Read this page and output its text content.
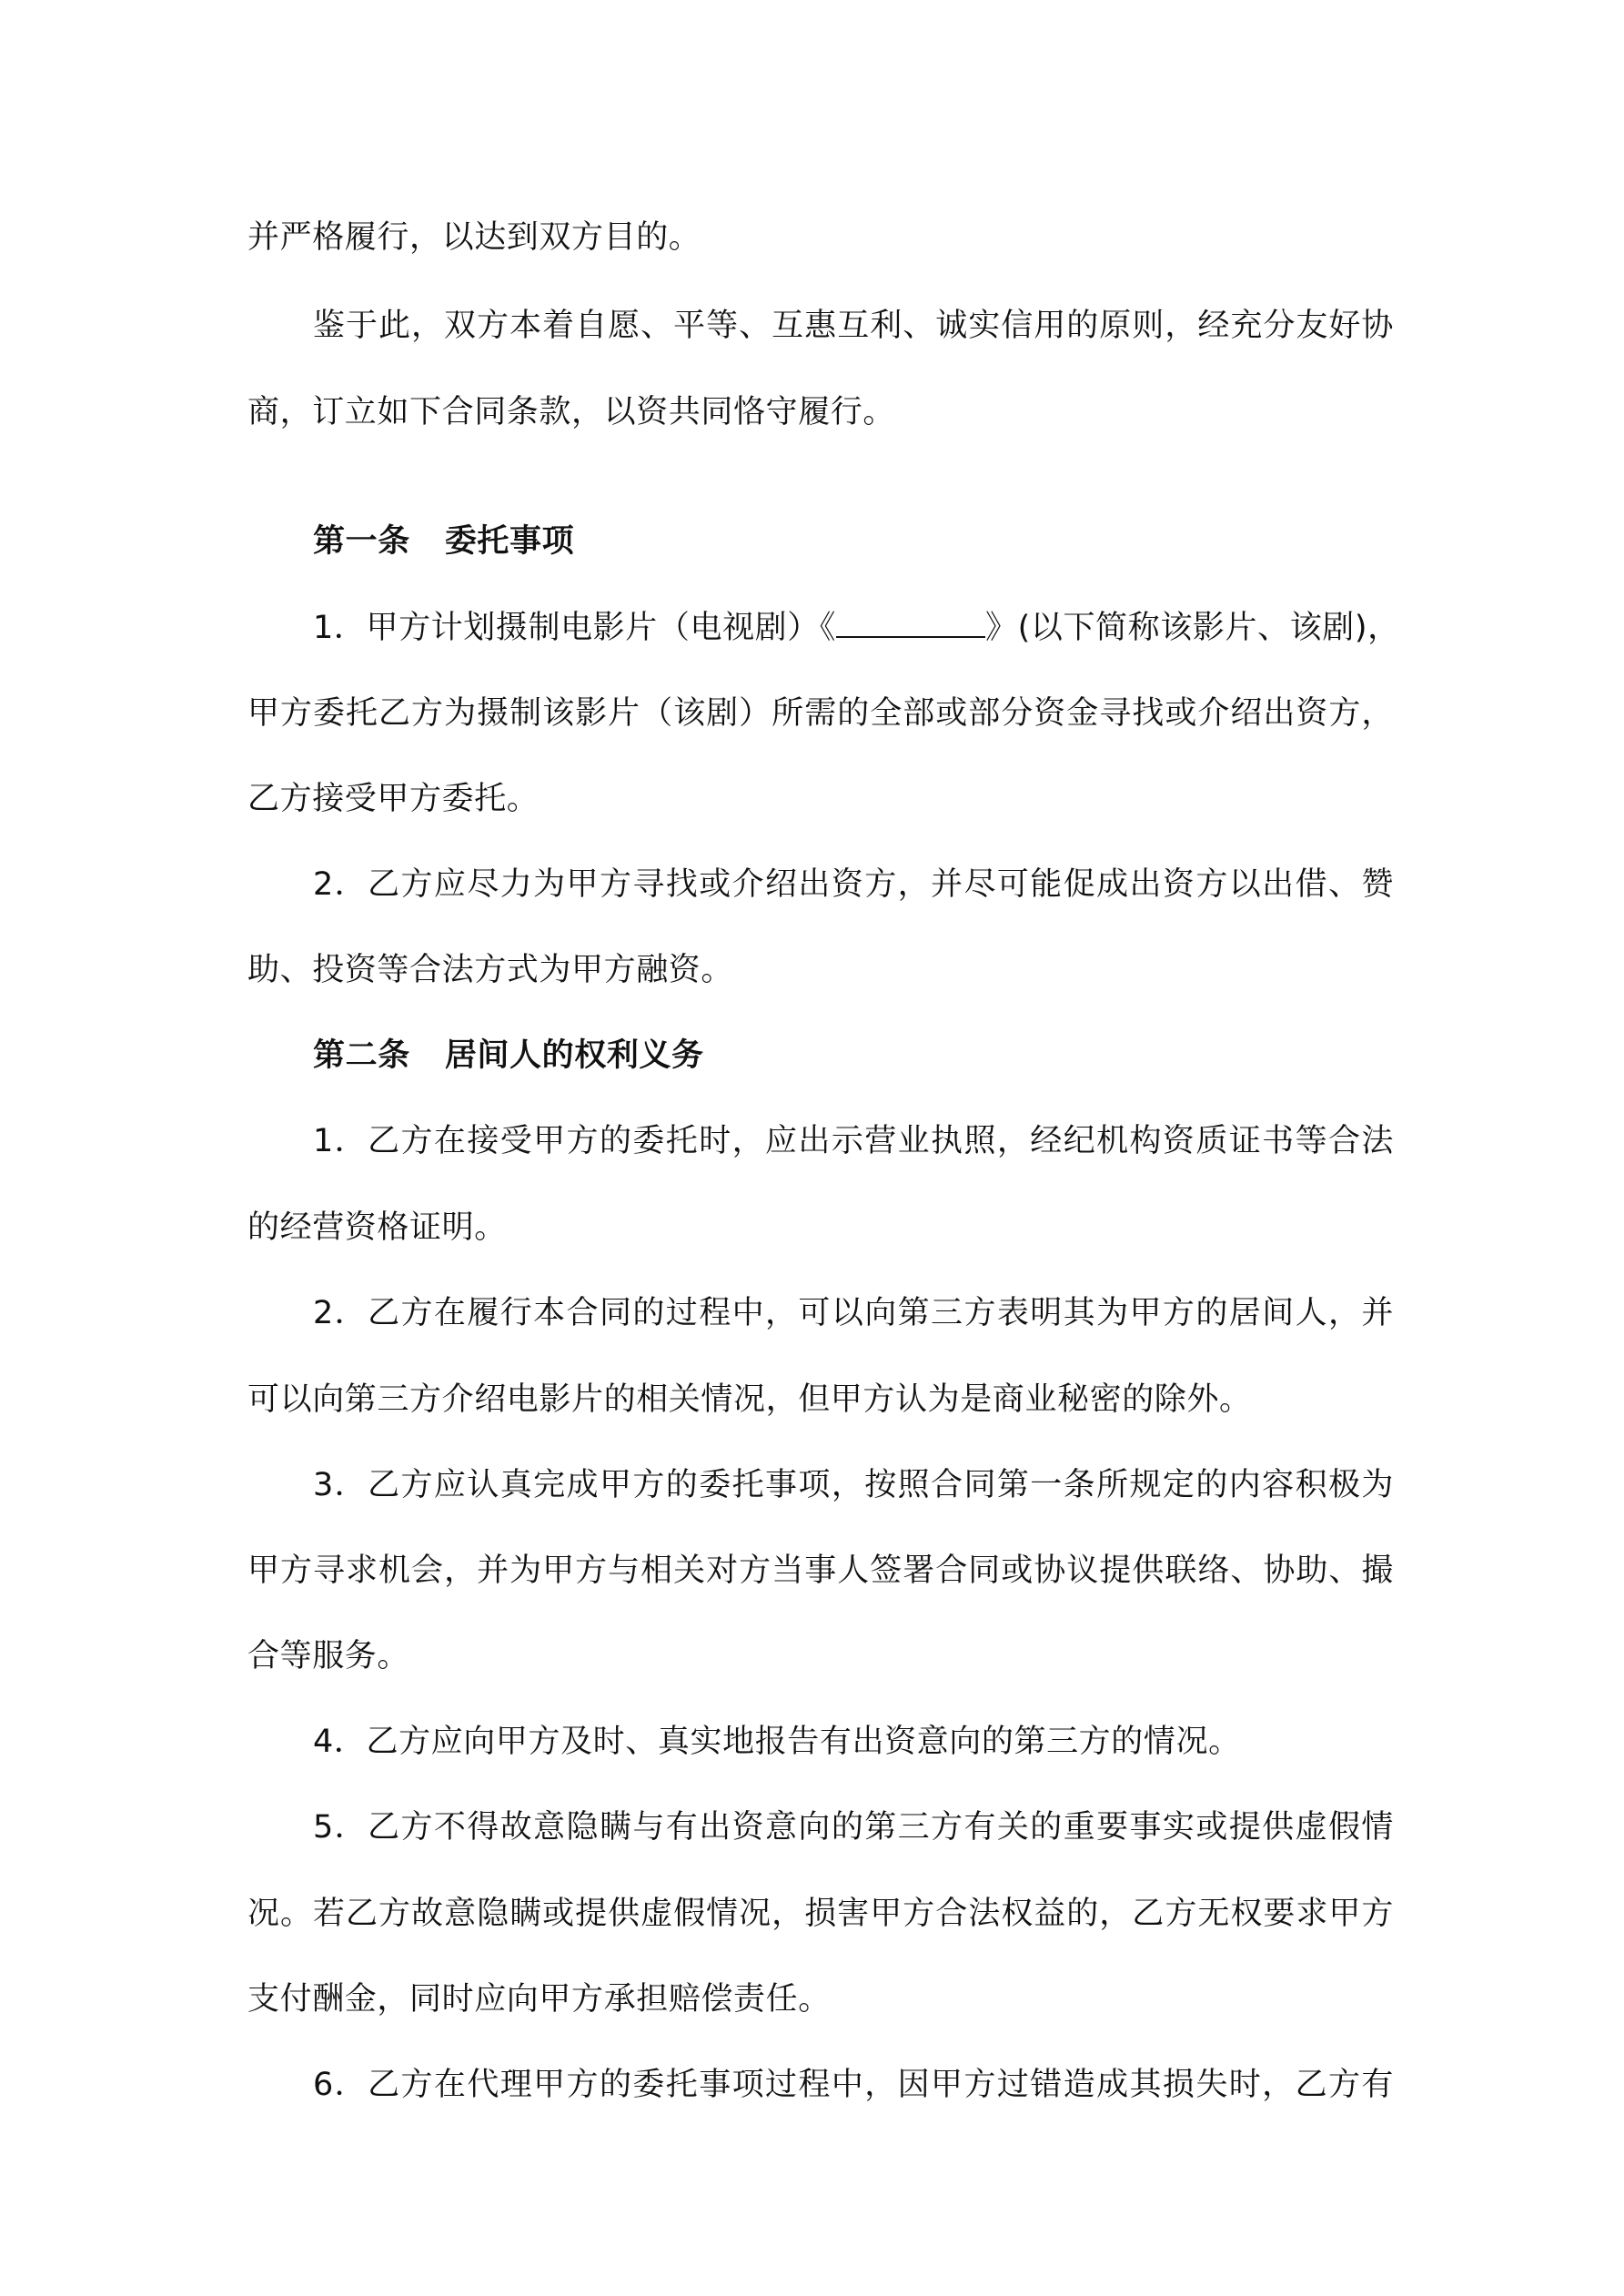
并严格履行，以达到双方目的。
鉴于此，双方本着自愿、平等、互惠互利、诚实信用的原则，经充分友好协
商，订立如下合同条款，以资共同恪守履行。
第一条 委托事项
1．甲方计划摄制电影片（电视剧）《	》(以下简称该影片、该剧)，
甲方委托乙方为摄制该影片（该剧）所需的全部或部分资金寻找或介绍出资方，
乙方接受甲方委托。
2．乙方应尽力为甲方寻找或介绍出资方，并尽可能促成出资方以出借、赞
助、投资等合法方式为甲方融资。
第二条 居间人的权利义务
1．乙方在接受甲方的委托时，应出示营业执照，经纪机构资质证书等合法
的经营资格证明。
2．乙方在履行本合同的过程中，可以向第三方表明其为甲方的居间人，并
可以向第三方介绍电影片的相关情况，但甲方认为是商业秘密的除外。
3．乙方应认真完成甲方的委托事项，按照合同第一条所规定的内容积极为
甲方寻求机会，并为甲方与相关对方当事人签署合同或协议提供联络、协助、撮
合等服务。
4．乙方应向甲方及时、真实地报告有出资意向的第三方的情况。
5．乙方不得故意隐瞒与有出资意向的第三方有关的重要事实或提供虚假情
况。若乙方故意隐瞒或提供虚假情况，损害甲方合法权益的，乙方无权要求甲方
支付酬金，同时应向甲方承担赔偿责任。
6．乙方在代理甲方的委托事项过程中，因甲方过错造成其损失时，乙方有
